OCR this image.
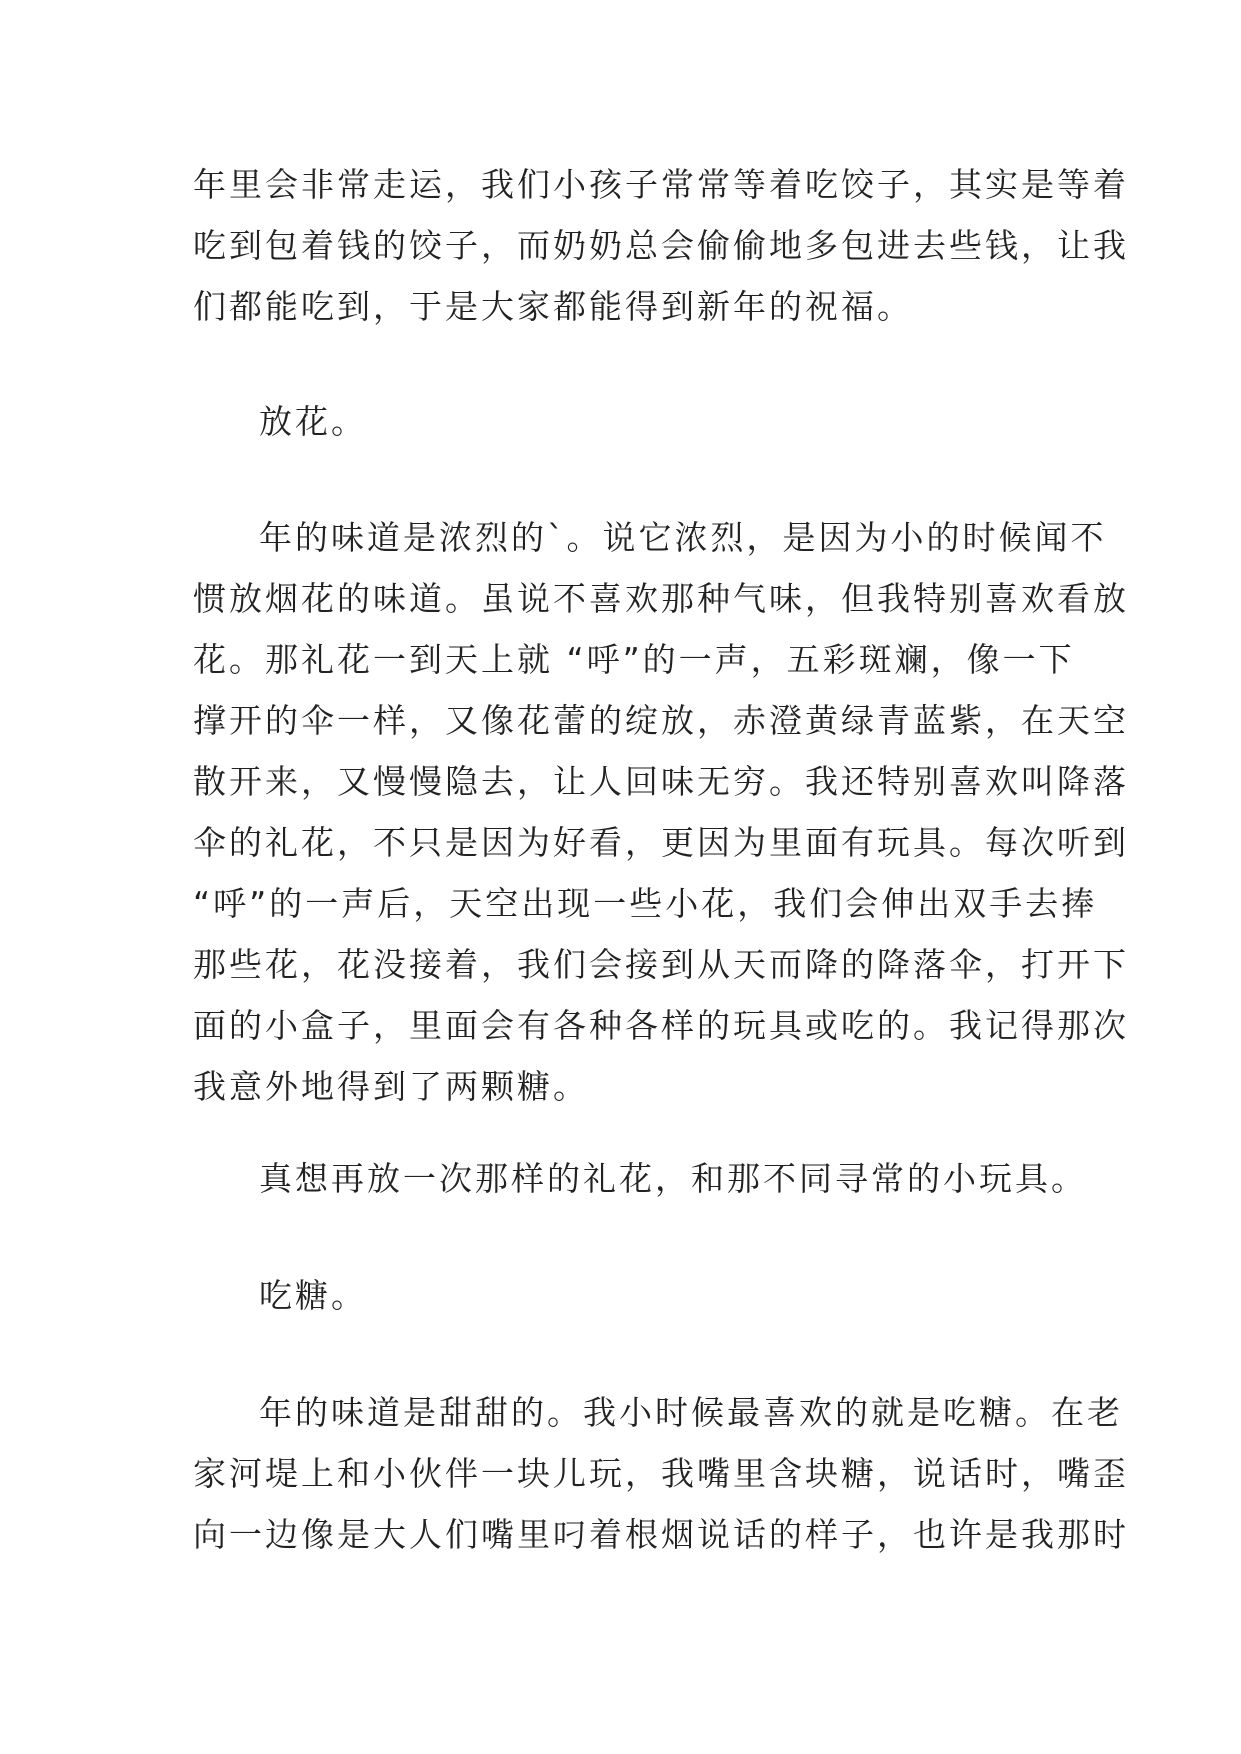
年里会非常走运，我们小孩子常常等着吃饺子，其实是等着
吃到包着钱的饺子，而奶奶总会偷偷地多包进去些钱，让我
们都能吃到，于是大家都能得到新年的祝福。
放花。
年的味道是浓烈的`。说它浓烈，是因为小的时候闻不
惯放烟花的味道。虽说不喜欢那种气味，但我特别喜欢看放
花。那礼花一到天上就 “呼”的一声，五彩斑斓，像一下
撑开的伞一样，又像花蕾的绽放，赤澄黄绿青蓝紫，在天空
散开来，又慢慢隐去，让人回味无穷。我还特别喜欢叫降落
伞的礼花，不只是因为好看，更因为里面有玩具。每次听到
“呼”的一声后，天空出现一些小花，我们会伸出双手去捧
那些花，花没接着，我们会接到从天而降的降落伞，打开下
面的小盒子，里面会有各种各样的玩具或吃的。我记得那次
我意外地得到了两颗糖。
真想再放一次那样的礼花，和那不同寻常的小玩具。
吃糖。
年的味道是甜甜的。我小时候最喜欢的就是吃糖。在老
家河堤上和小伙伴一块儿玩，我嘴里含块糖，说话时，嘴歪
向一边像是大人们嘴里叼着根烟说话的样子，也许是我那时
